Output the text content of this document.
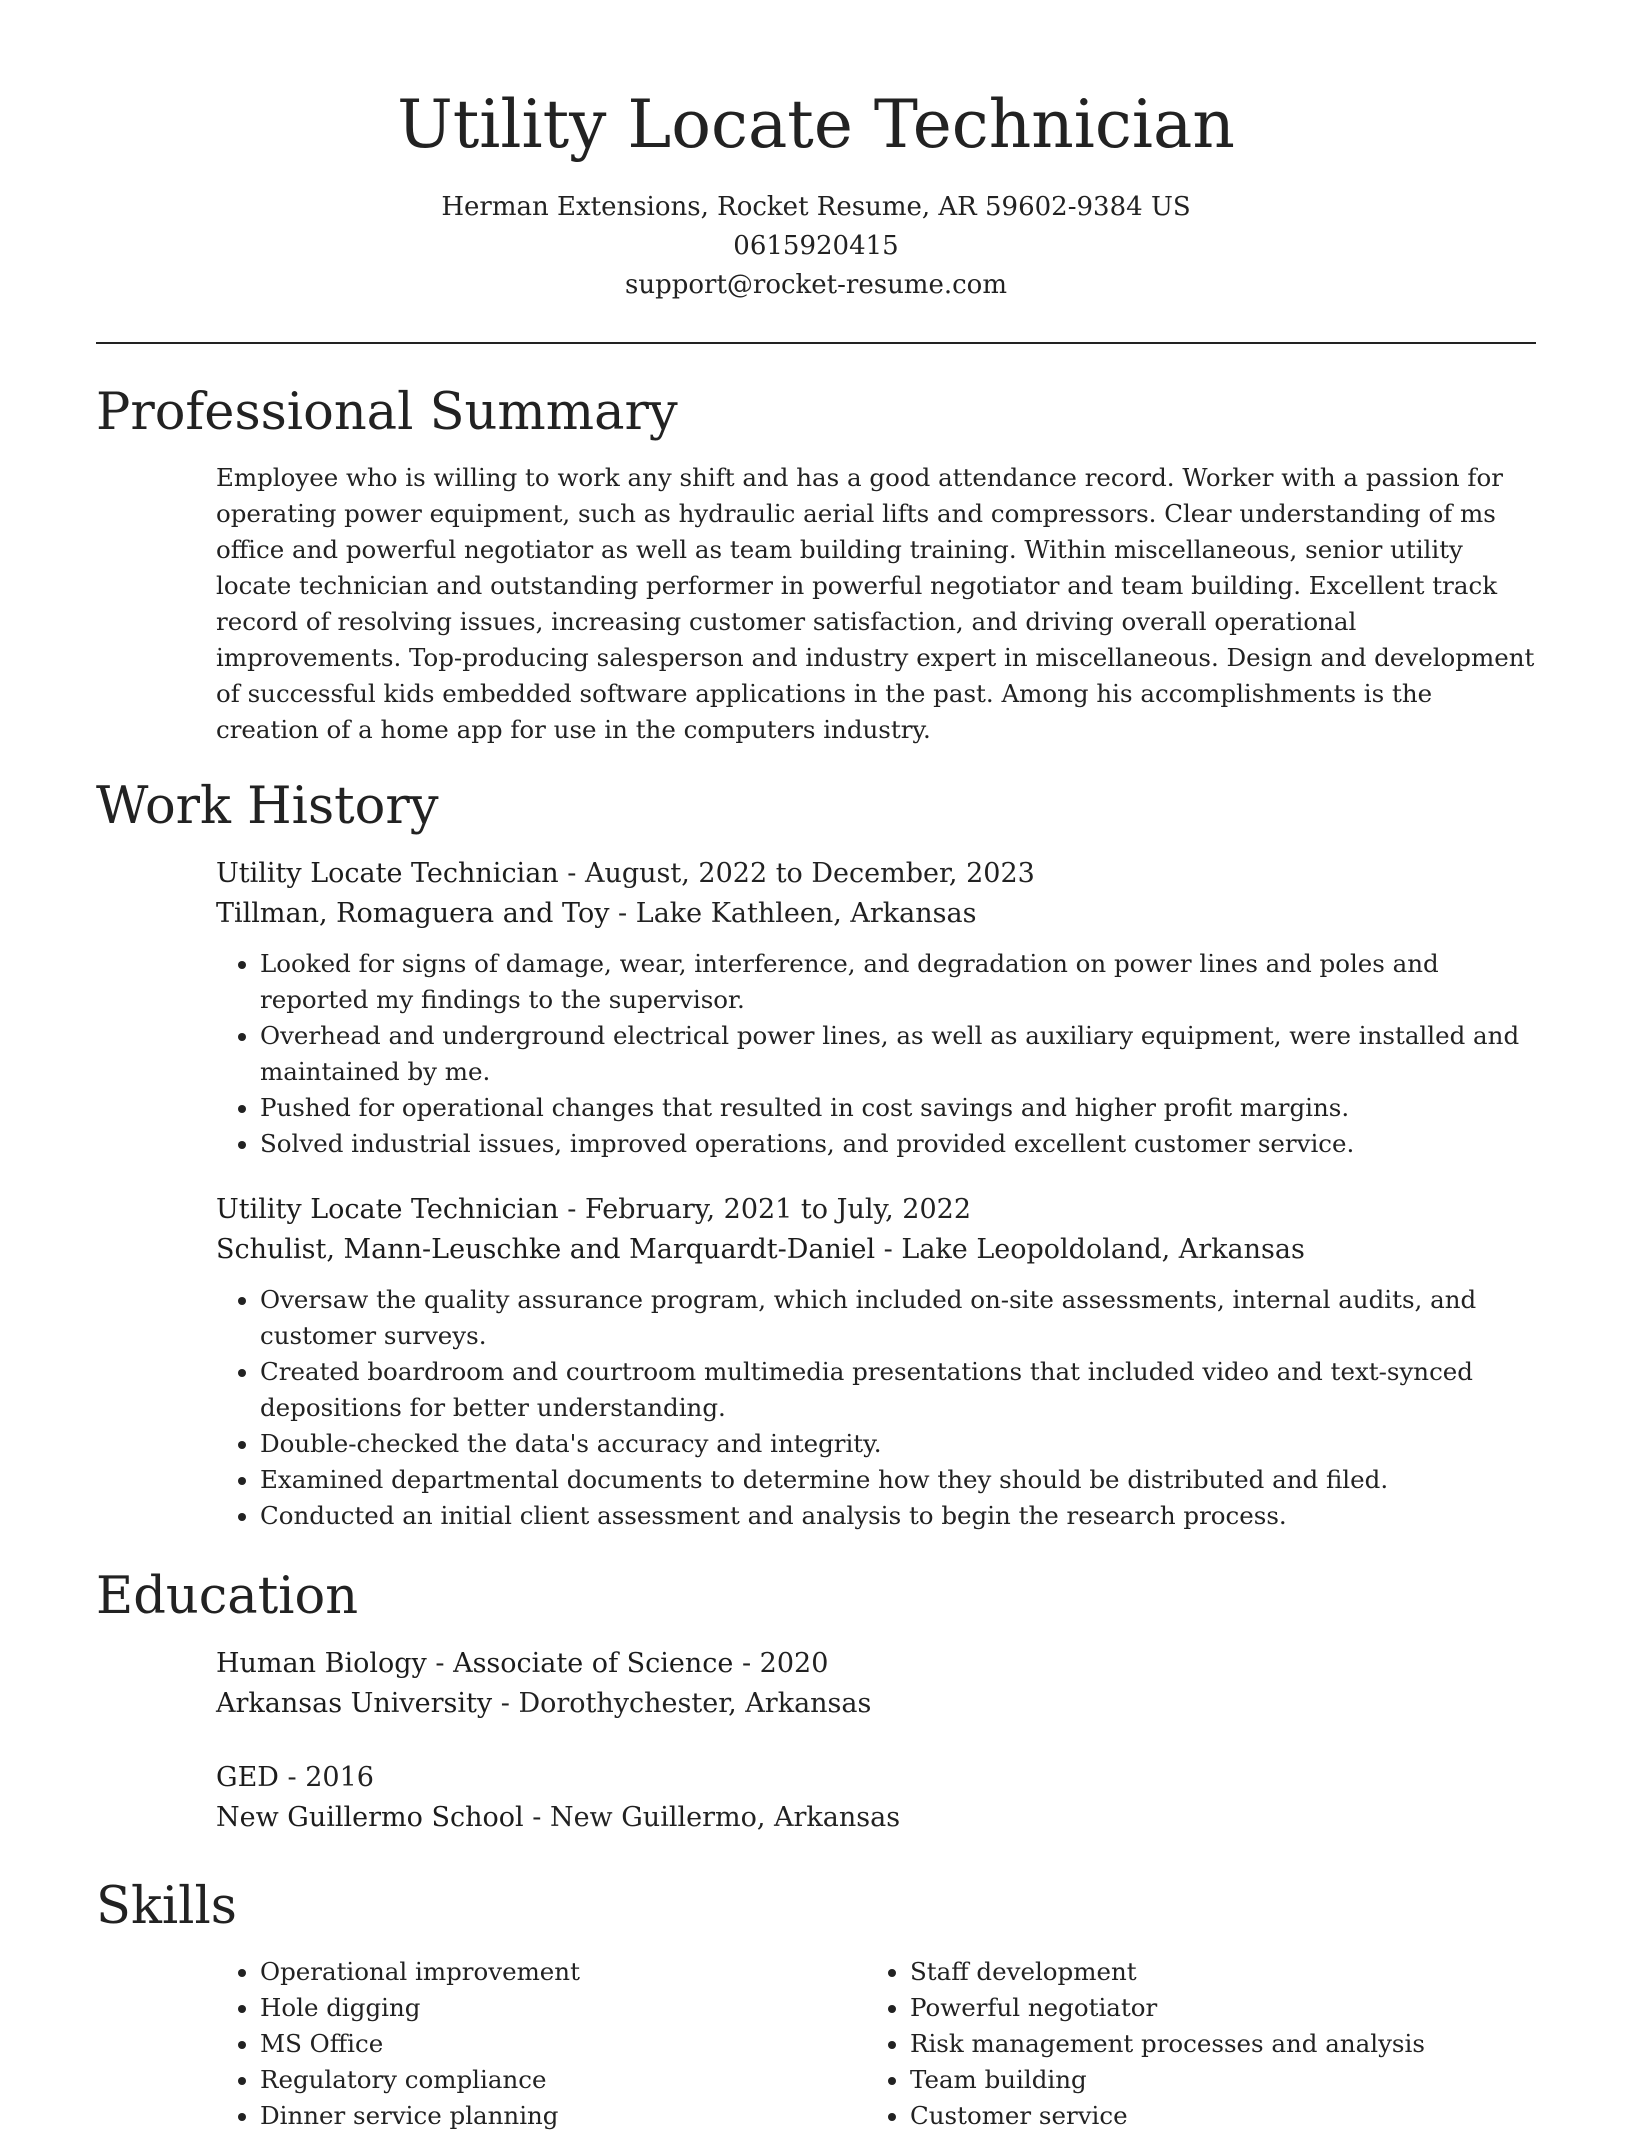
Utility Locate Technician
Herman Extensions, Rocket Resume, AR 59602-9384 US
0615920415
support@rocket-resume.com
Professional Summary

Employee who is willing to work any shift and has a good attendance record. Worker with a passion for operating power equipment, such as hydraulic aerial lifts and compressors. Clear understanding of ms office and powerful negotiator as well as team building training. Within miscellaneous, senior utility locate technician and outstanding performer in powerful negotiator and team building. Excellent track record of resolving issues, increasing customer satisfaction, and driving overall operational improvements. Top-producing salesperson and industry expert in miscellaneous. Design and development of successful kids embedded software applications in the past. Among his accomplishments is the creation of a home app for use in the computers industry.

Work History
Utility Locate Technician - August, 2022 to December, 2023
Tillman, Romaguera and Toy - Lake Kathleen, Arkansas
• Looked for signs of damage, wear, interference, and degradation on power lines and poles and reported my findings to the supervisor.
• Overhead and underground electrical power lines, as well as auxiliary equipment, were installed and maintained by me.
• Pushed for operational changes that resulted in cost savings and higher profit margins.
• Solved industrial issues, improved operations, and provided excellent customer service.
Utility Locate Technician - February, 2021 to July, 2022
Schulist, Mann-Leuschke and Marquardt-Daniel - Lake Leopoldoland, Arkansas
• Oversaw the quality assurance program, which included on-site assessments, internal audits, and customer surveys.
• Created boardroom and courtroom multimedia presentations that included video and text-synced depositions for better understanding.
• Double-checked the data's accuracy and integrity.
• Examined departmental documents to determine how they should be distributed and filed.
• Conducted an initial client assessment and analysis to begin the research process.
Education
Human Biology - Associate of Science - 2020
Arkansas University - Dorothychester, Arkansas
GED - 2016
New Guillermo School - New Guillermo, Arkansas
Skills
• Operational improvement
• Hole digging
• MS Office
• Regulatory compliance
• Dinner service planning
• Staff development
• Powerful negotiator
• Risk management processes and analysis
• Team building
• Customer service
